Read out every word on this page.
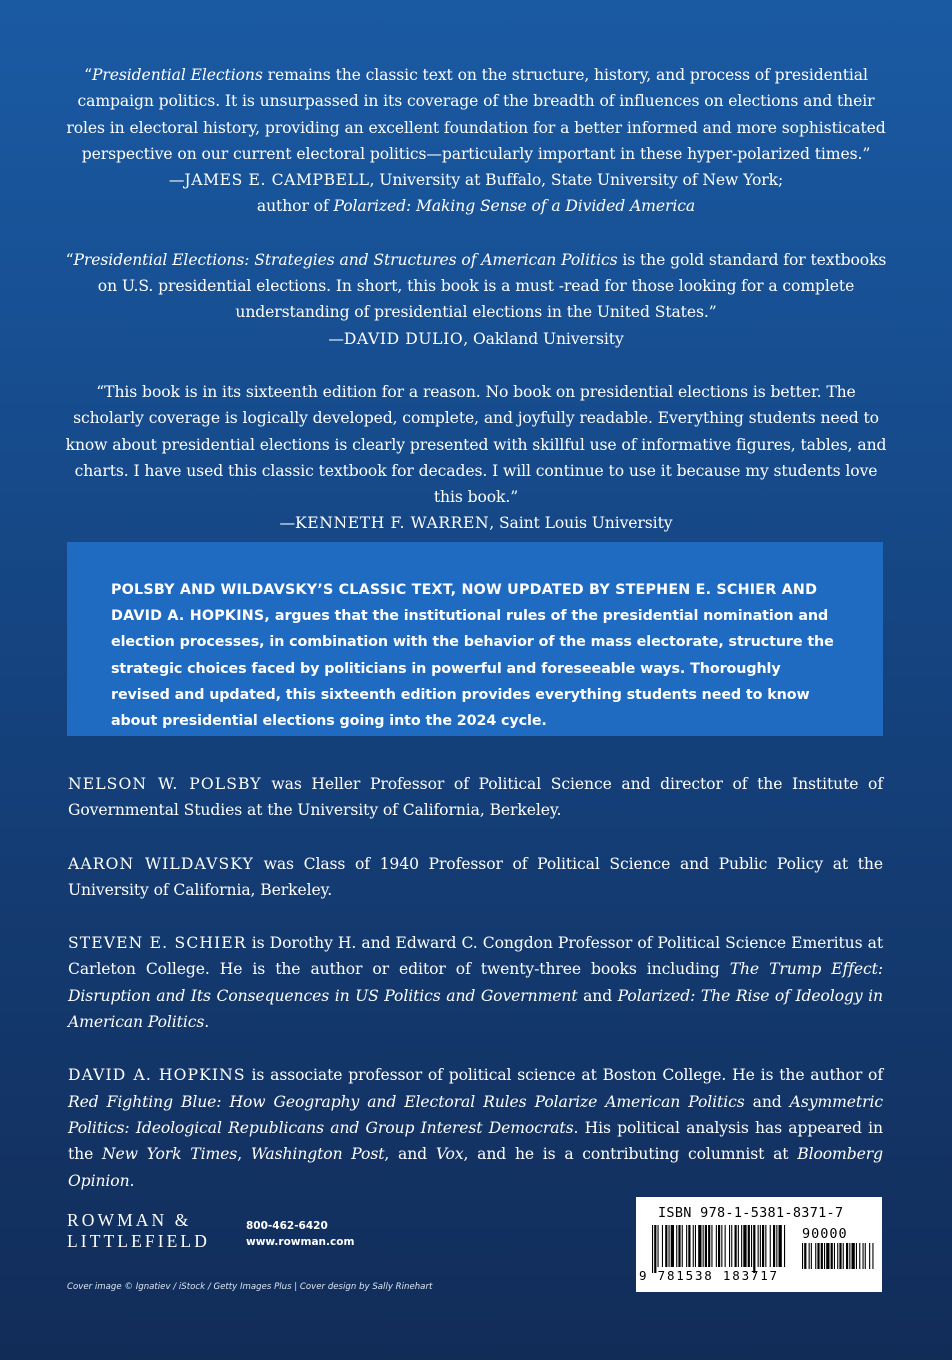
“Presidential Elections remains the classic text on the structure, history, and process of presidential campaign politics. It is unsurpassed in its coverage of the breadth of influences on elections and their roles in electoral history, providing an excellent foundation for a better informed and more sophisticated perspective on our current electoral politics—particularly important in these hyper-polarized times.”
—JAMES E. CAMPBELL, University at Buffalo, State University of New York;
author of Polarized: Making Sense of a Divided America

“Presidential Elections: Strategies and Structures of American Politics is the gold standard for textbooks on U.S. presidential elections. In short, this book is a must -read for those looking for a complete understanding of presidential elections in the United States.”
—DAVID DULIO, Oakland University

“This book is in its sixteenth edition for a reason. No book on presidential elections is better. The scholarly coverage is logically developed, complete, and joyfully readable. Everything students need to know about presidential elections is clearly presented with skillful use of informative figures, tables, and charts. I have used this classic textbook for decades. I will continue to use it because my students love this book.”
—KENNETH F. WARREN, Saint Louis University

POLSBY AND WILDAVSKY’S CLASSIC TEXT, NOW UPDATED BY STEPHEN E. SCHIER AND DAVID A. HOPKINS, argues that the institutional rules of the presidential nomination and election processes, in combination with the behavior of the mass electorate, structure the strategic choices faced by politicians in powerful and foreseeable ways. Thoroughly revised and updated, this sixteenth edition provides everything students need to know about presidential elections going into the 2024 cycle.

NELSON W. POLSBY was Heller Professor of Political Science and director of the Institute of Governmental Studies at the University of California, Berkeley.

AARON WILDAVSKY was Class of 1940 Professor of Political Science and Public Policy at the University of California, Berkeley.

STEVEN E. SCHIER is Dorothy H. and Edward C. Congdon Professor of Political Science Emeritus at Carleton College. He is the author or editor of twenty-three books including The Trump Effect: Disruption and Its Consequences in US Politics and Government and Polarized: The Rise of Ideology in American Politics.

DAVID A. HOPKINS is associate professor of political science at Boston College. He is the author of Red Fighting Blue: How Geography and Electoral Rules Polarize American Politics and Asymmetric Politics: Ideological Republicans and Group Interest Democrats. His political analysis has appeared in the New York Times, Washington Post, and Vox, and he is a contributing columnist at Bloomberg Opinion.

ROWMAN &
LITTLEFIELD
800-462-6420
www.rowman.com
Cover image © Ignatiev / iStock / Getty Images Plus | Cover design by Sally Rinehart
ISBN 978-1-5381-8371-7
90000
9 781538 183717
